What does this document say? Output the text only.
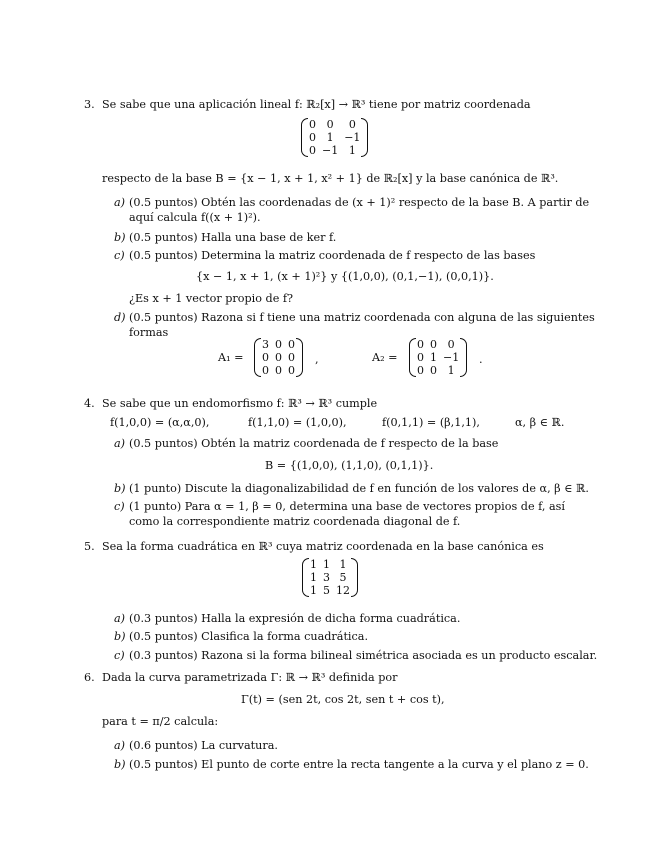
3. Se sabe que una aplicación lineal f: ℝ₂[x] → ℝ³ tiene por matriz coordenada
0	0	0
0	1	−1
0	−1	1
respecto de la base B = {x − 1, x + 1, x² + 1} de ℝ₂[x] y la base canónica de ℝ³.
a) (0.5 puntos) Obtén las coordenadas de (x + 1)² respecto de la base B. A partir de
aquí calcula f((x + 1)²).
b) (0.5 puntos) Halla una base de ker f.
c) (0.5 puntos) Determina la matriz coordenada de f respecto de las bases
{x − 1, x + 1, (x + 1)²} y {(1,0,0), (0,1,−1), (0,0,1)}.
¿Es x + 1 vector propio de f?
d) (0.5 puntos) Razona si f tiene una matriz coordenada con alguna de las siguientes
formas
A₁ =
3	0	0
0	0	0
0	0	0
,	A₂ =
0	0	0
0	1	−1
0	0	1
.
4. Se sabe que un endomorfismo f: ℝ³ → ℝ³ cumple
f(1,0,0) = (α,α,0),	f(1,1,0) = (1,0,0),	f(0,1,1) = (β,1,1),	α, β ∈ ℝ.
a) (0.5 puntos) Obtén la matriz coordenada de f respecto de la base
B = {(1,0,0), (1,1,0), (0,1,1)}.
b) (1 punto) Discute la diagonalizabilidad de f en función de los valores de α, β ∈ ℝ.
c) (1 punto) Para α = 1, β = 0, determina una base de vectores propios de f, así
como la correspondiente matriz coordenada diagonal de f.
5. Sea la forma cuadrática en ℝ³ cuya matriz coordenada en la base canónica es
1	1	1
1	3	5
1	5	12
a) (0.3 puntos) Halla la expresión de dicha forma cuadrática.
b) (0.5 puntos) Clasifica la forma cuadrática.
c) (0.3 puntos) Razona si la forma bilineal simétrica asociada es un producto escalar.
6. Dada la curva parametrizada Γ: ℝ → ℝ³ definida por
Γ(t) = (sen 2t, cos 2t, sen t + cos t),
para t = π/2 calcula:
a) (0.6 puntos) La curvatura.
b) (0.5 puntos) El punto de corte entre la recta tangente a la curva y el plano z = 0.
